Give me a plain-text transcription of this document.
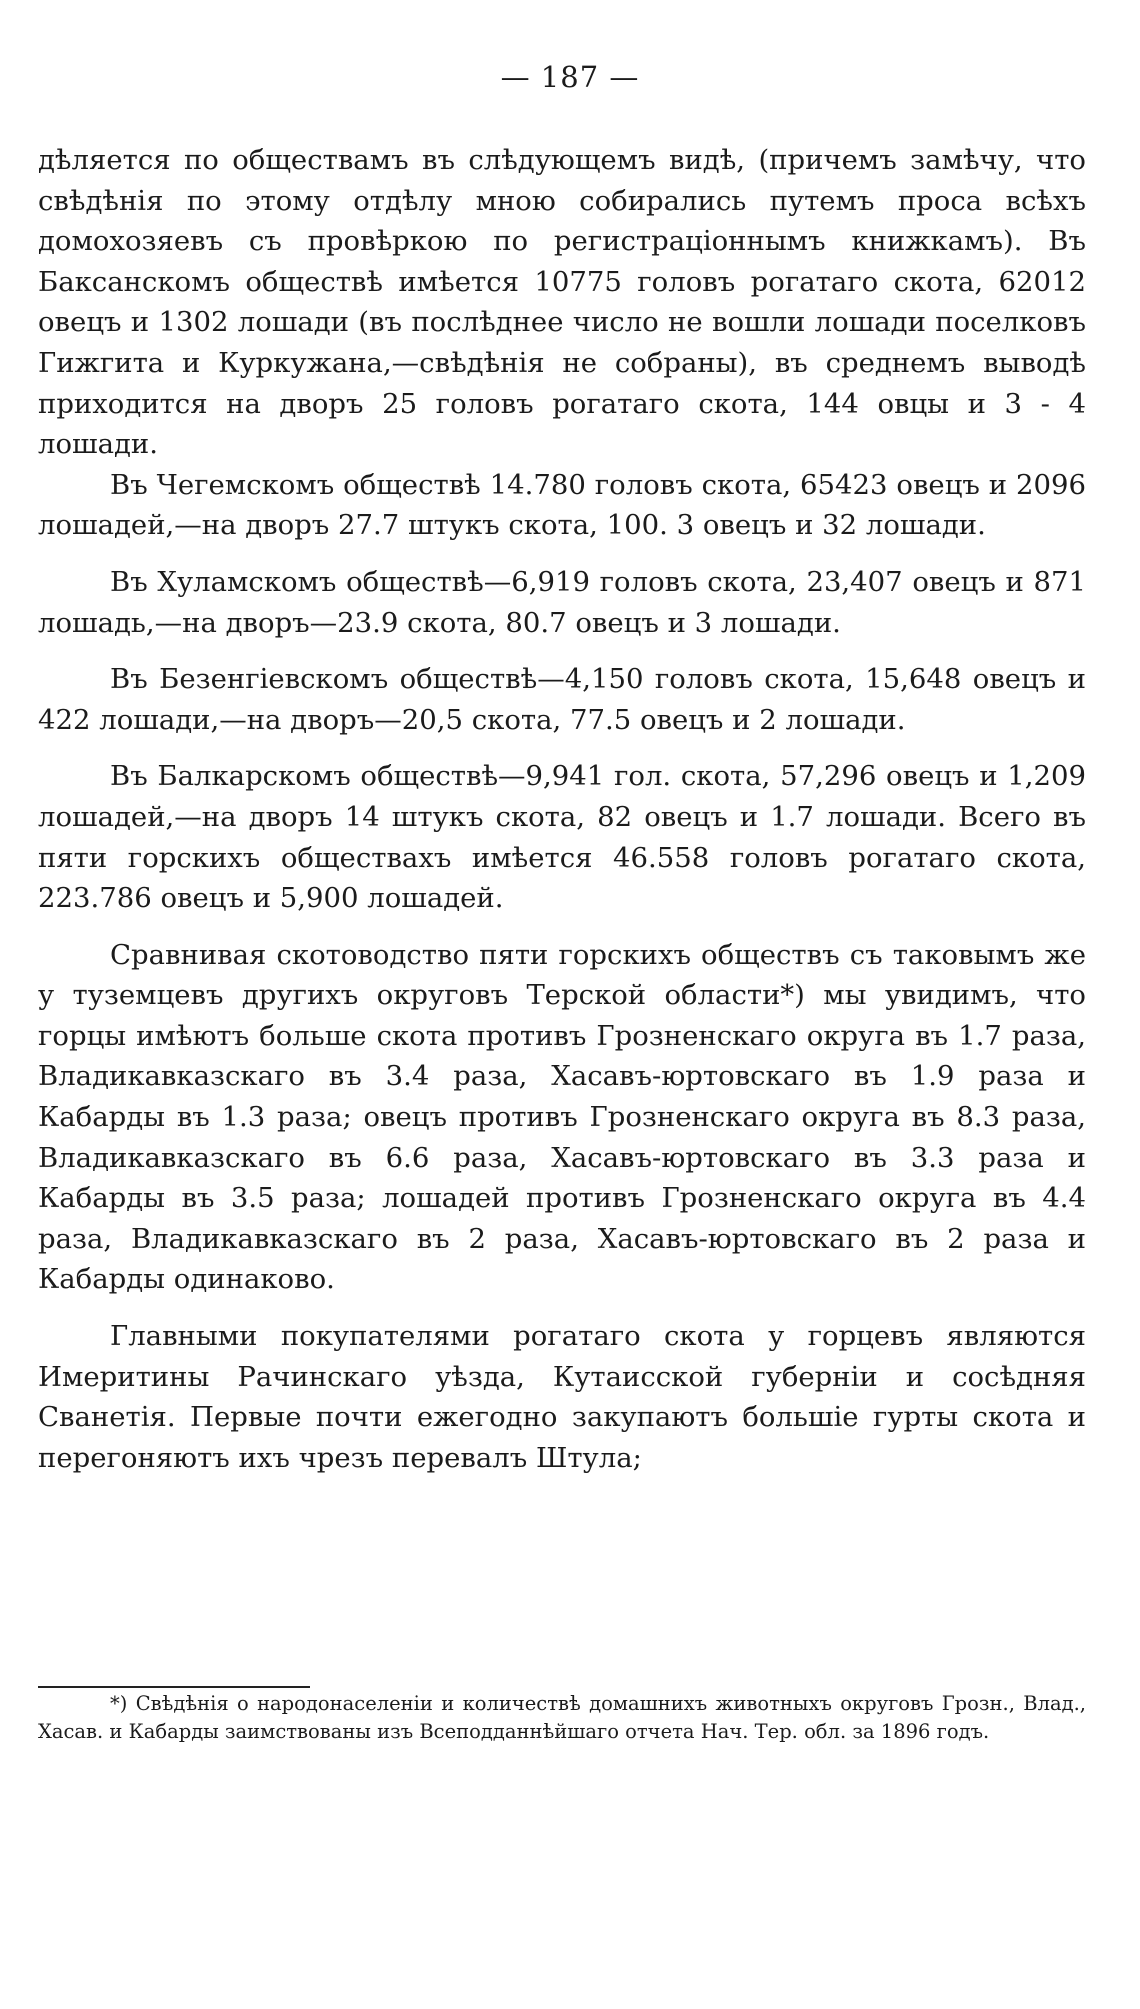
— 187 —

дѣляется по обществамъ въ слѣдующемъ видѣ, (причемъ замѣчу, что свѣдѣнія по этому отдѣлу мною собирались путемъ проса всѣхъ домохозяевъ съ провѣркою по регистраціоннымъ книжкамъ). Въ Баксанскомъ обществѣ имѣется 10775 головъ рогатаго скота, 62012 овецъ и 1302 лошади (въ послѣднее число не вошли лошади поселковъ Гижгита и Куркужана,—свѣдѣнія не собраны), въ среднемъ выводѣ приходится на дворъ 25 головъ рогатаго скота, 144 овцы и 3 - 4 лошади.

Въ Чегемскомъ обществѣ 14.780 головъ скота, 65423 овецъ и 2096 лошадей,—на дворъ 27.7 штукъ скота, 100. 3 овецъ и 32 лошади.

Въ Хуламскомъ обществѣ—6,919 головъ скота, 23,407 овецъ и 871 лошадь,—на дворъ—23.9 скота, 80.7 овецъ и 3 лошади.

Въ Безенгіевскомъ обществѣ—4,150 головъ скота, 15,648 овецъ и 422 лошади,—на дворъ—20,5 скота, 77.5 овецъ и 2 лошади.

Въ Балкарскомъ обществѣ—9,941 гол. скота, 57,296 овецъ и 1,209 лошадей,—на дворъ 14 штукъ скота, 82 овецъ и 1.7 лошади. Всего въ пяти горскихъ обществахъ имѣется 46.558 головъ рогатаго скота, 223.786 овецъ и 5,900 лошадей.

Сравнивая скотоводство пяти горскихъ обществъ съ таковымъ же у туземцевъ другихъ округовъ Терской области*) мы увидимъ, что горцы имѣютъ больше скота противъ Грозненскаго округа въ 1.7 раза, Владикавказскаго въ 3.4 раза, Хасавъ-юртовскаго въ 1.9 раза и Кабарды въ 1.3 раза; овецъ противъ Грозненскаго округа въ 8.3 раза, Владикавказскаго въ 6.6 раза, Хасавъ-юртовскаго въ 3.3 раза и Кабарды въ 3.5 раза; лошадей противъ Грозненскаго округа въ 4.4 раза, Владикавказскаго въ 2 раза, Хасавъ-юртовскаго въ 2 раза и Кабарды одинаково.

Главными покупателями рогатаго скота у горцевъ являются Имеритины Рачинскаго уѣзда, Кутаисской губерніи и сосѣдняя Сванетія. Первые почти ежегодно закупаютъ большіе гурты скота и перегоняютъ ихъ чрезъ перевалъ Штула;

*) Свѣдѣнія о народонаселеніи и количествѣ домашнихъ животныхъ округовъ Грозн., Влад., Хасав. и Кабарды заимствованы изъ Всеподданнѣйшаго отчета Нач. Тер. обл. за 1896 годъ.
